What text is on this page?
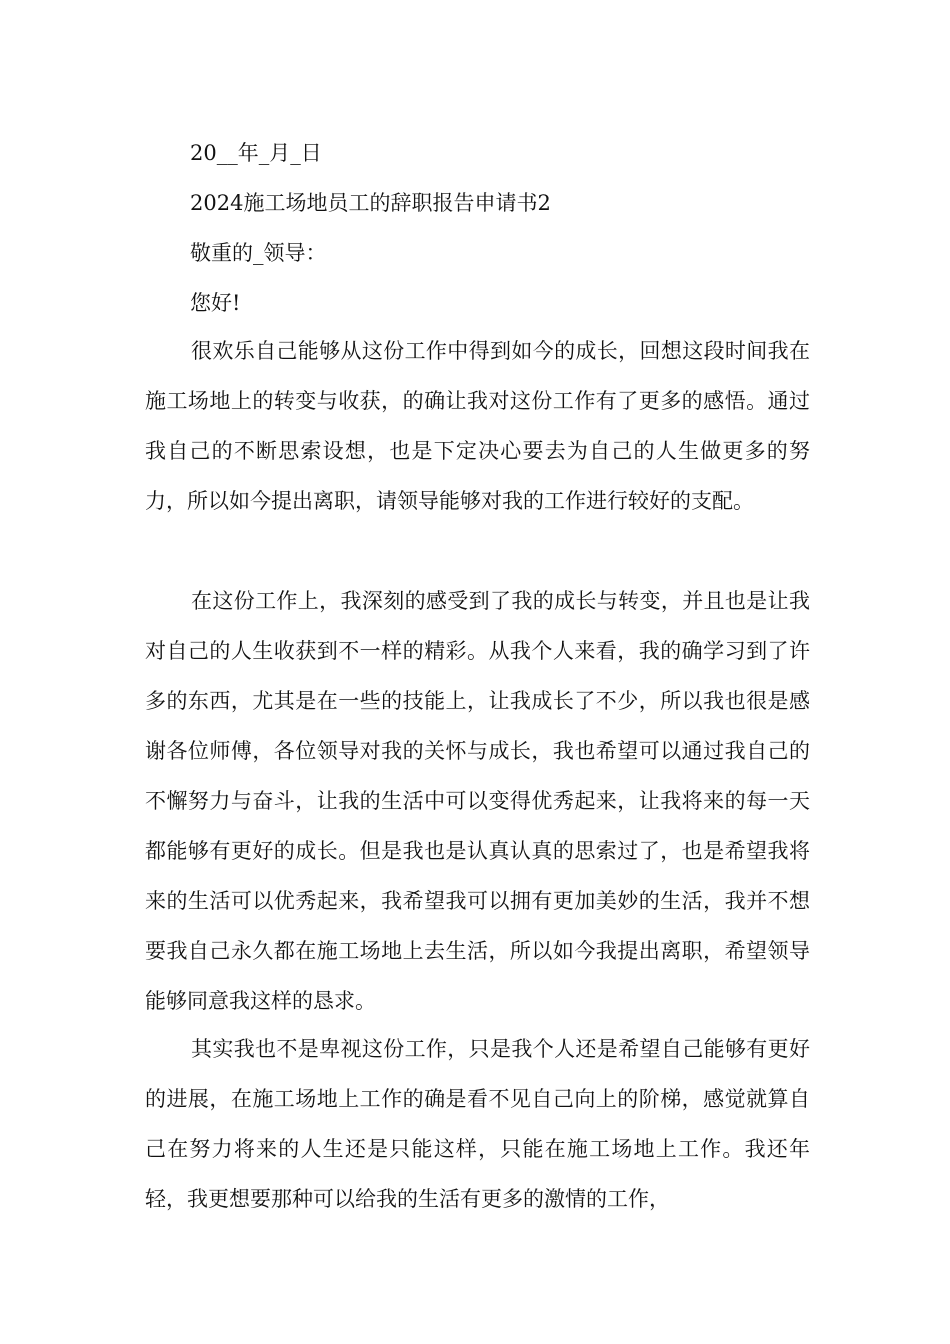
20__年_月_日
2024施工场地员工的辞职报告申请书2
敬重的_领导：
您好!

很欢乐自己能够从这份工作中得到如今的成长，回想这段时间我在施工场地上的转变与收获，的确让我对这份工作有了更多的感悟。通过我自己的不断思索设想，也是下定决心要去为自己的人生做更多的努力，所以如今提出离职，请领导能够对我的工作进行较好的支配。

在这份工作上，我深刻的感受到了我的成长与转变，并且也是让我对自己的人生收获到不一样的精彩。从我个人来看，我的确学习到了许多的东西，尤其是在一些的技能上，让我成长了不少，所以我也很是感谢各位师傅，各位领导对我的关怀与成长，我也希望可以通过我自己的不懈努力与奋斗，让我的生活中可以变得优秀起来，让我将来的每一天都能够有更好的成长。但是我也是认真认真的思索过了，也是希望我将来的生活可以优秀起来，我希望我可以拥有更加美妙的生活，我并不想要我自己永久都在施工场地上去生活，所以如今我提出离职，希望领导能够同意我这样的恳求。

其实我也不是卑视这份工作，只是我个人还是希望自己能够有更好的进展，在施工场地上工作的确是看不见自己向上的阶梯，感觉就算自己在努力将来的人生还是只能这样，只能在施工场地上工作。我还年轻，我更想要那种可以给我的生活有更多的激情的工作，
